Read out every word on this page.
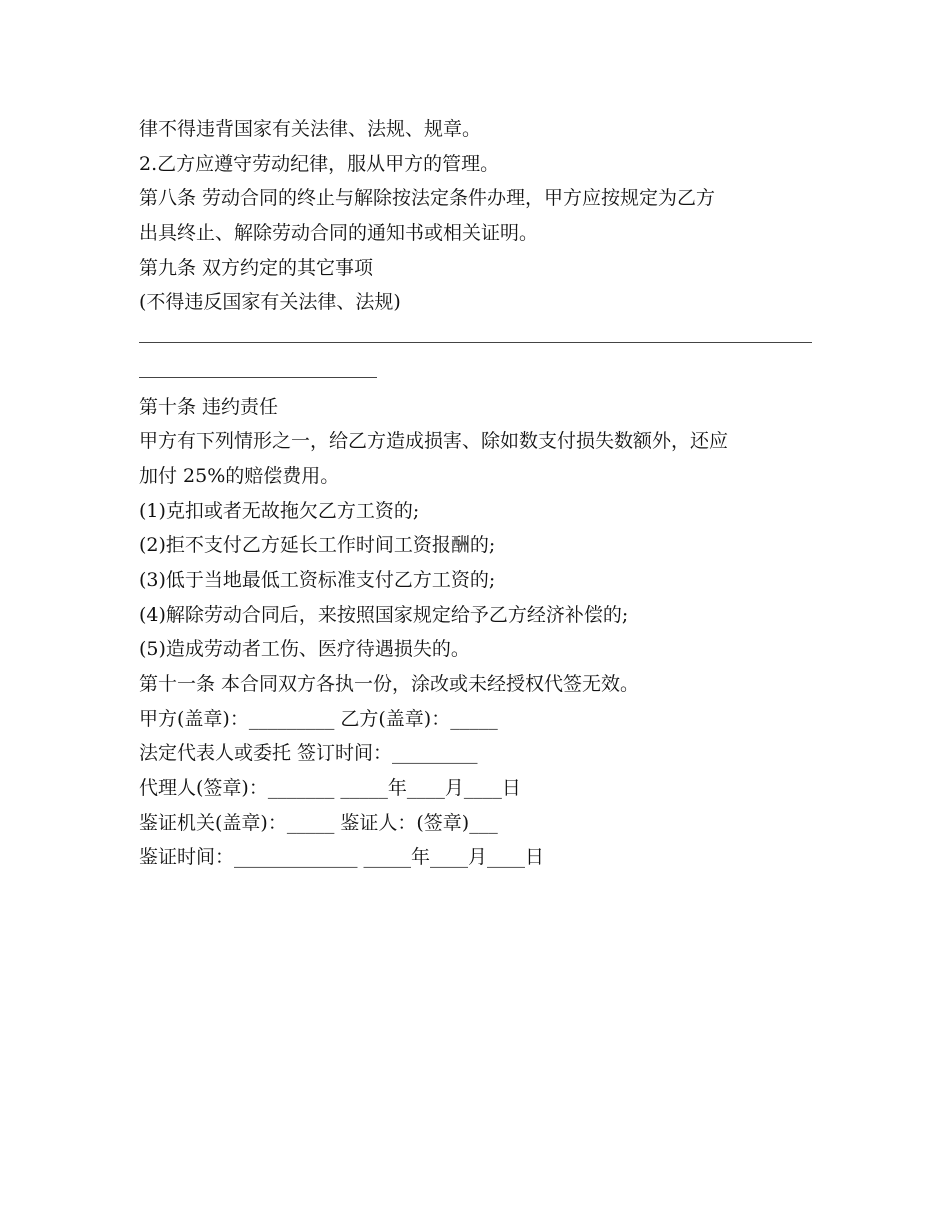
律不得违背国家有关法律、法规、规章。
2.乙方应遵守劳动纪律，服从甲方的管理。
第八条 劳动合同的终止与解除按法定条件办理，甲方应按规定为乙方
出具终止、解除劳动合同的通知书或相关证明。
第九条 双方约定的其它事项
(不得违反国家有关法律、法规)
第十条 违约责任
甲方有下列情形之一，给乙方造成损害、除如数支付损失数额外，还应
加付 25%的赔偿费用。
(1)克扣或者无故拖欠乙方工资的;
(2)拒不支付乙方延长工作时间工资报酬的;
(3)低于当地最低工资标准支付乙方工资的;
(4)解除劳动合同后，来按照国家规定给予乙方经济补偿的;
(5)造成劳动者工伤、医疗待遇损失的。
第十一条 本合同双方各执一份，涂改或未经授权代签无效。
甲方(盖章)：_________ 乙方(盖章)：_____
法定代表人或委托 签订时间：_________
代理人(签章)：_______ _____年____月____日
鉴证机关(盖章)：_____ 鉴证人：(签章)___
鉴证时间：_____________ _____年____月____日
